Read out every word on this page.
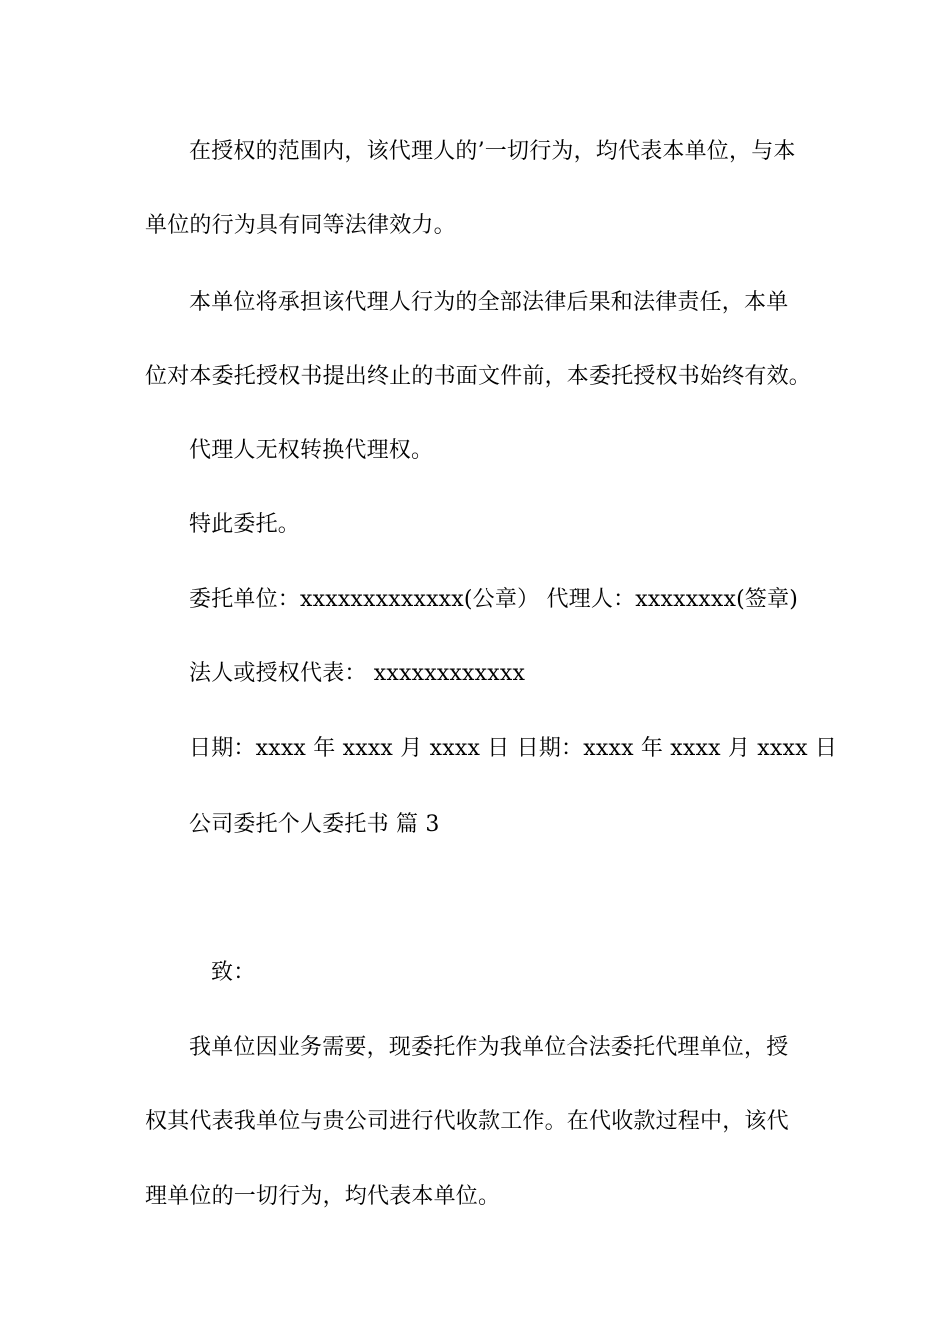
在授权的范围内，该代理人的’一切行为，均代表本单位，与本
单位的行为具有同等法律效力。
本单位将承担该代理人行为的全部法律后果和法律责任，本单
位对本委托授权书提出终止的书面文件前，本委托授权书始终有效。
代理人无权转换代理权。
特此委托。
委托单位：xxxxxxxxxxxxx(公章） 代理人：xxxxxxxx(签章)
法人或授权代表： xxxxxxxxxxxx
日期：xxxx 年 xxxx 月 xxxx 日 日期：xxxx 年 xxxx 月 xxxx 日
公司委托个人委托书 篇 3
致：
我单位因业务需要，现委托作为我单位合法委托代理单位，授
权其代表我单位与贵公司进行代收款工作。在代收款过程中，该代
理单位的一切行为，均代表本单位。
